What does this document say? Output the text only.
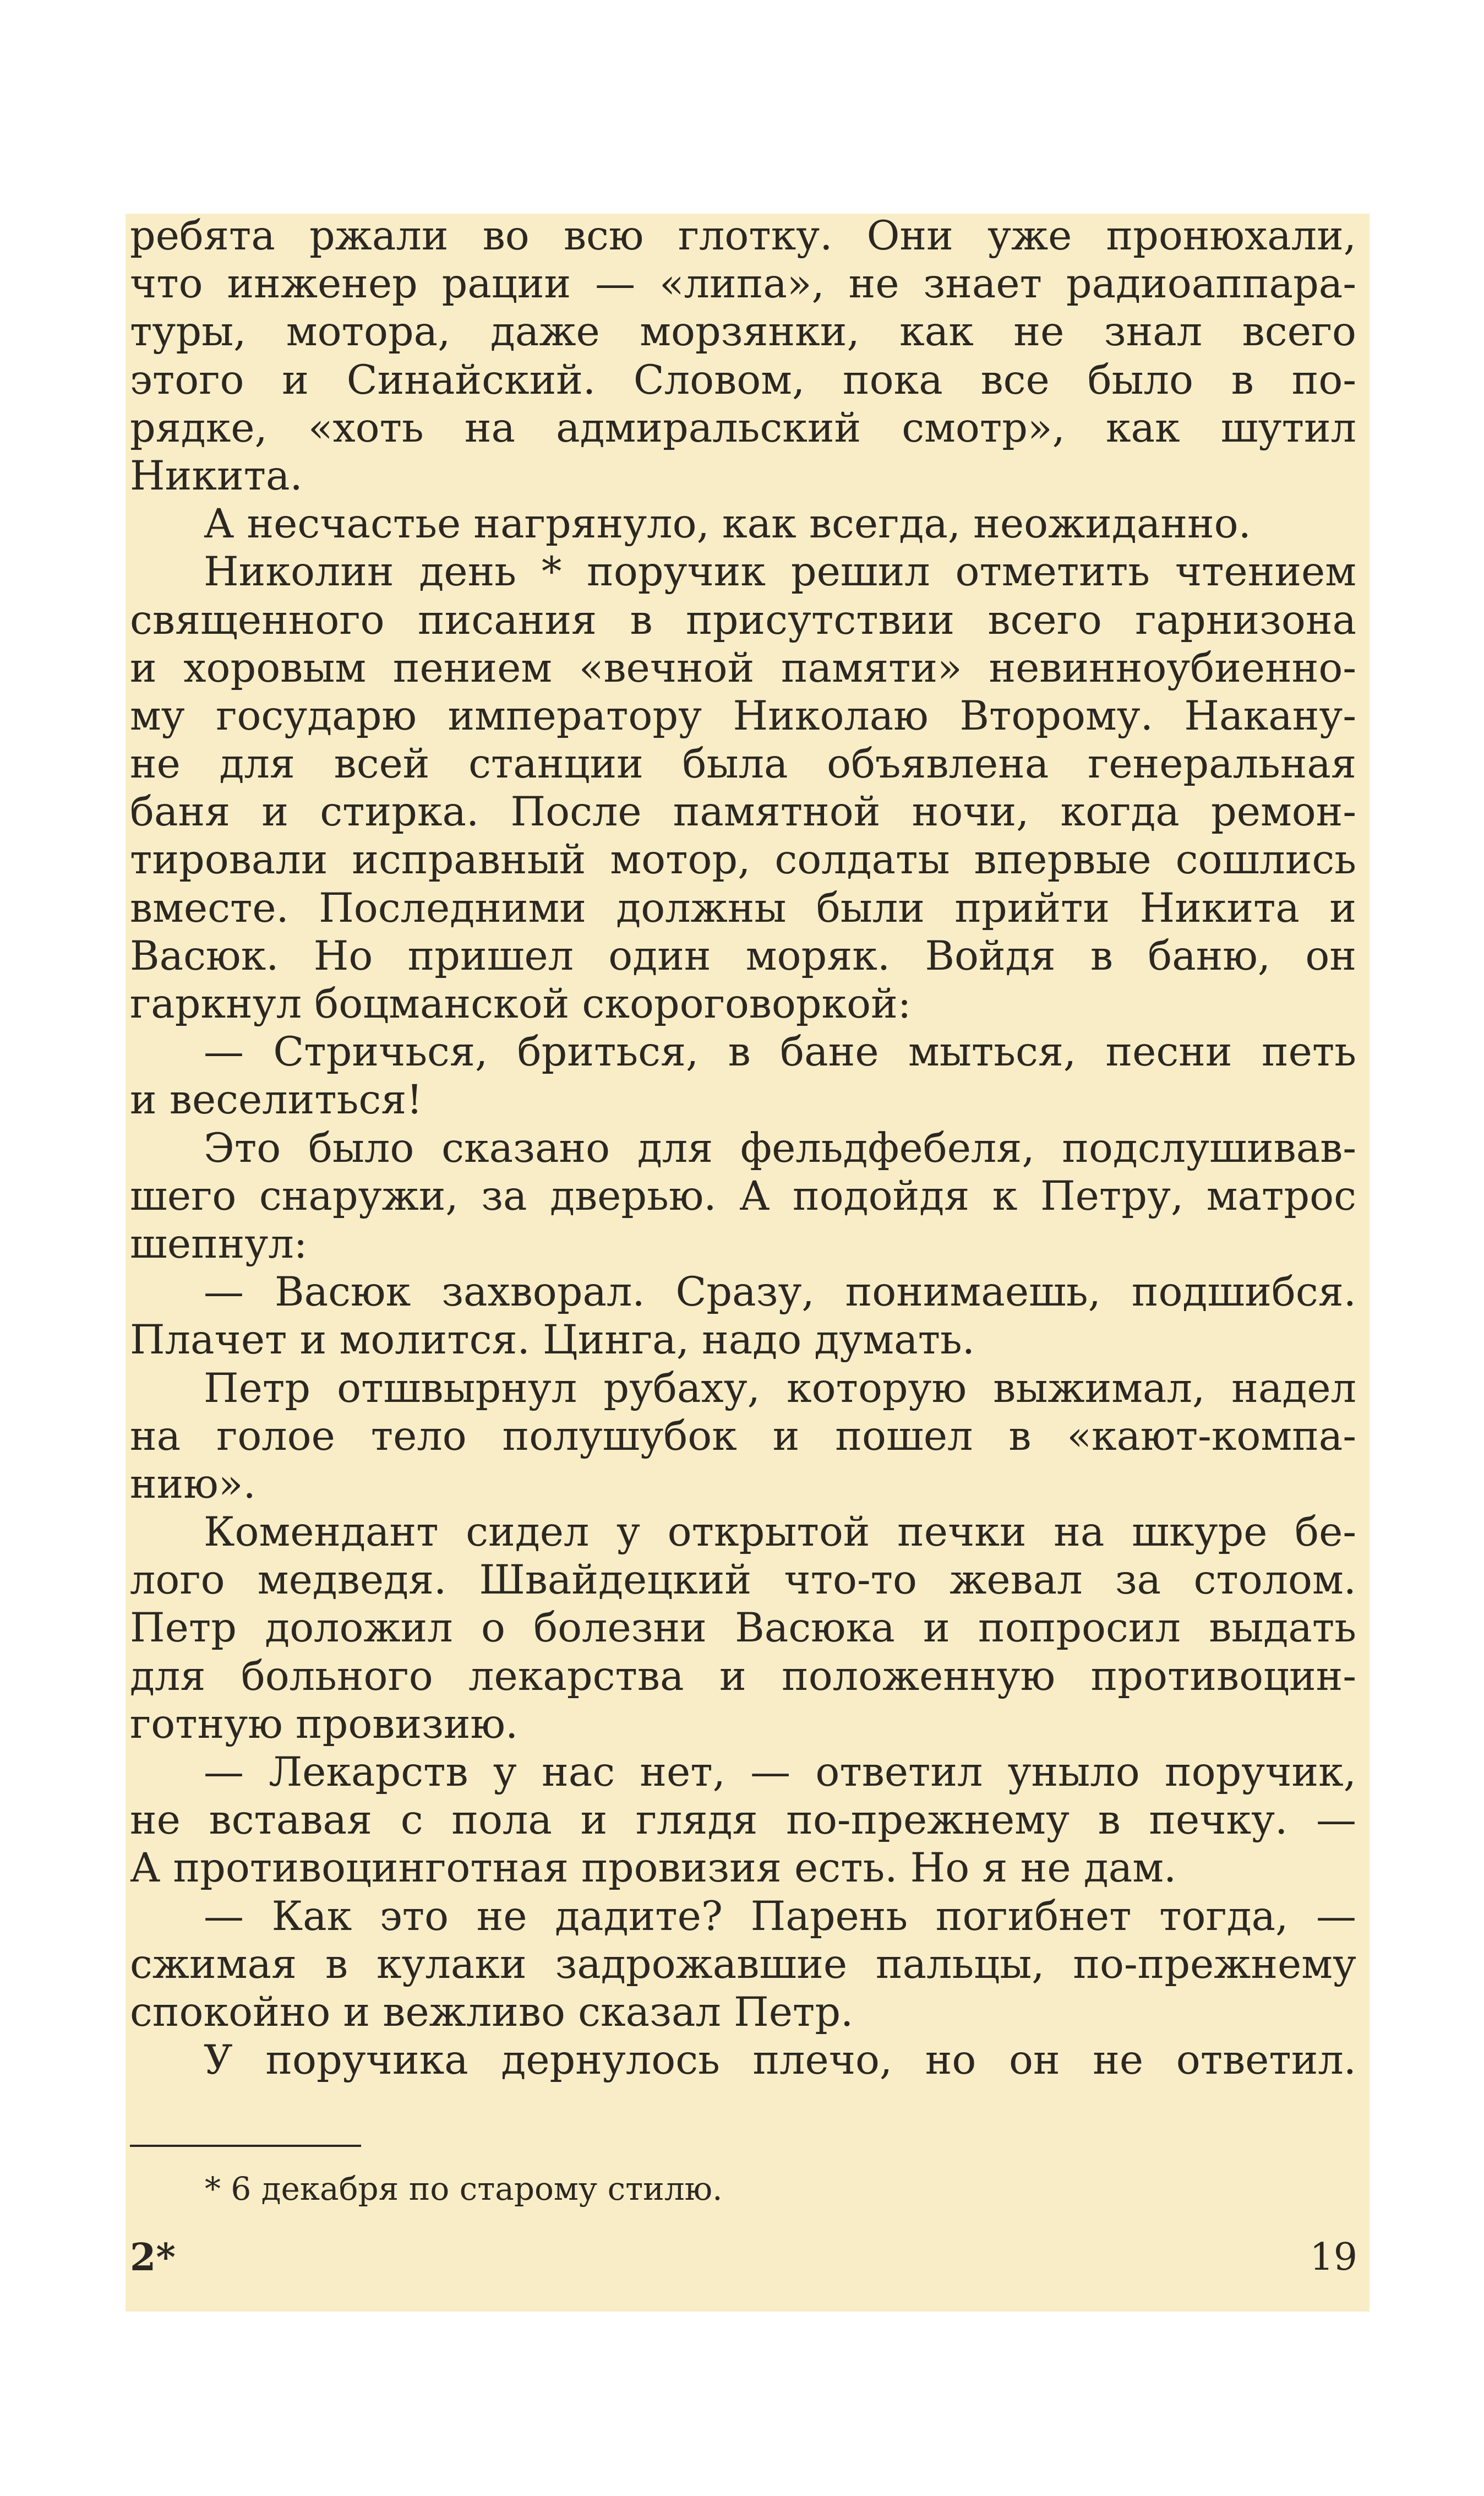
ребята ржали во всю глотку. Они уже пронюхали,
что инженер рации — «липа», не знает радиоаппара-
туры, мотора, даже морзянки, как не знал всего
этого и Синайский. Словом, пока все было в по-
рядке, «хоть на адмиральский смотр», как шутил
Никита.
А несчастье нагрянуло, как всегда, неожиданно.
Николин день * поручик решил отметить чтением
священного писания в присутствии всего гарнизона
и хоровым пением «вечной памяти» невинноубиенно-
му государю императору Николаю Второму. Накану-
не для всей станции была объявлена генеральная
баня и стирка. После памятной ночи, когда ремон-
тировали исправный мотор, солдаты впервые сошлись
вместе. Последними должны были прийти Никита и
Васюк. Но пришел один моряк. Войдя в баню, он
гаркнул боцманской скороговоркой:
— Стричься, бриться, в бане мыться, песни петь
и веселиться!
Это было сказано для фельдфебеля, подслушивав-
шего снаружи, за дверью. А подойдя к Петру, матрос
шепнул:
— Васюк захворал. Сразу, понимаешь, подшибся.
Плачет и молится. Цинга, надо думать.
Петр отшвырнул рубаху, которую выжимал, надел
на голое тело полушубок и пошел в «кают-компа-
нию».
Комендант сидел у открытой печки на шкуре бе-
лого медведя. Швайдецкий что-то жевал за столом.
Петр доложил о болезни Васюка и попросил выдать
для больного лекарства и положенную противоцин-
готную провизию.
— Лекарств у нас нет, — ответил уныло поручик,
не вставая с пола и глядя по-прежнему в печку. —
А противоцинготная провизия есть. Но я не дам.
— Как это не дадите? Парень погибнет тогда, —
сжимая в кулаки задрожавшие пальцы, по-прежнему
спокойно и вежливо сказал Петр.
У поручика дернулось плечо, но он не ответил.
* 6 декабря по старому стилю.
2*	19
